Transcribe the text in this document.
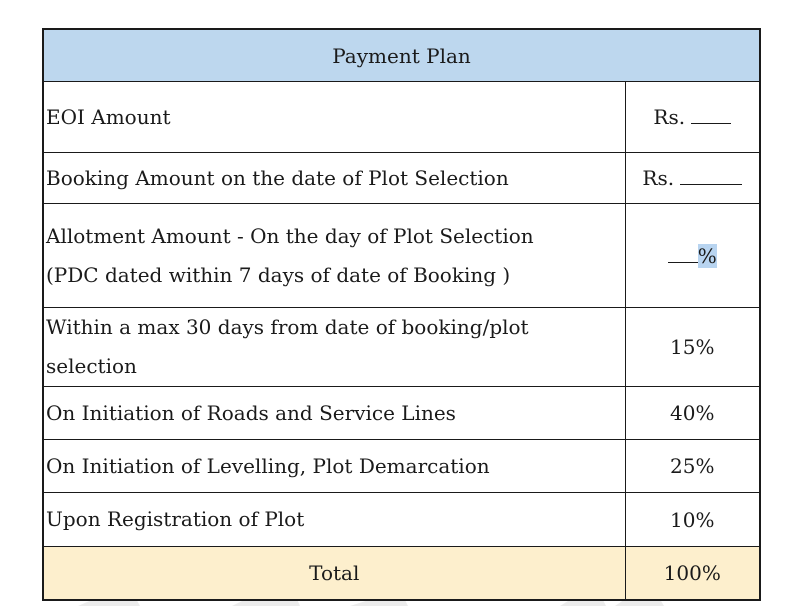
Payment Plan	
EOI Amount	Rs.
Booking Amount on the date of Plot Selection	Rs.

Allotment Amount - On the day of Plot Selection
(PDC dated within 7 days of date of Booking )	%
Within a max 30 days from date of booking/plot selection	15%
On Initiation of Roads and Service Lines	40%
On Initiation of Levelling, Plot Demarcation	25%
Upon Registration of Plot	10%
Total	100%
